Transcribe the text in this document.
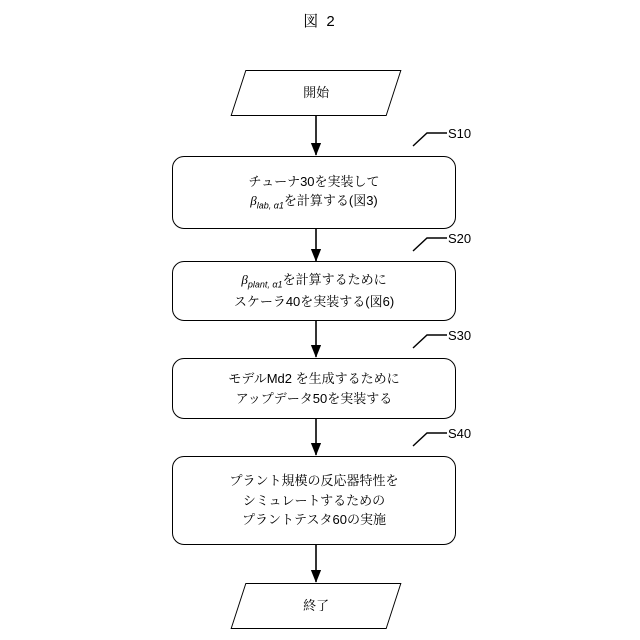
図 2
開始
チューナ30を実装して
$\beta_{lab, \alpha 1}$を計算する(図3)
S10
$\beta_{plant, \alpha 1}$を計算するために
スケーラ40を実装する(図6)
S20
モデルMd2 を生成するために
アップデータ50を実装する
S30
プラント規模の反応器特性を
シミュレートするための
プラントテスタ60の実施
S40
終了
